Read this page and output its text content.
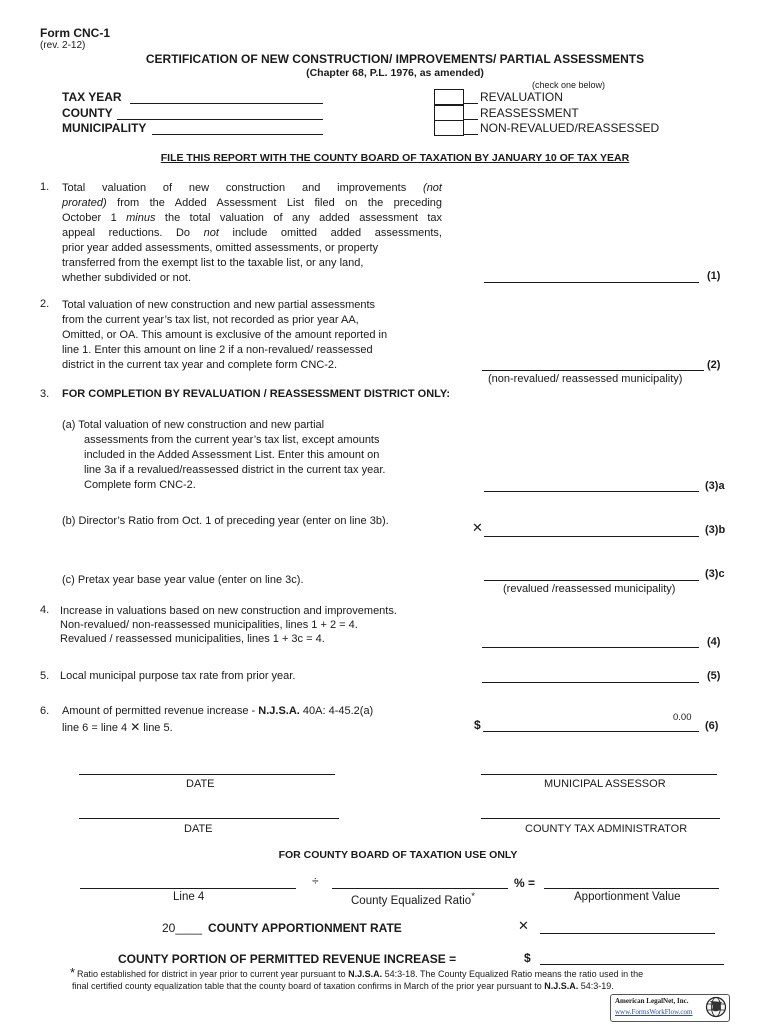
Form CNC-1
(rev. 2-12)
CERTIFICATION OF NEW CONSTRUCTION/ IMPROVEMENTS/ PARTIAL ASSESSMENTS
(Chapter 68, P.L. 1976, as amended)
(check one below)
TAX YEAR
COUNTY
MUNICIPALITY
REVALUATION
REASSESSMENT
NON-REVALUED/REASSESSED
FILE THIS REPORT WITH THE COUNTY BOARD OF TAXATION BY JANUARY 10 OF TAX YEAR
1. Total valuation of new construction and improvements (not
prorated) from the Added Assessment List filed on the preceding
October 1 minus the total valuation of any added assessment tax
appeal reductions. Do not include omitted added assessments,
prior year added assessments, omitted assessments, or property
transferred from the exempt list to the taxable list, or any land,
whether subdivided or not.	(1)
2. Total valuation of new construction and new partial assessments
from the current year’s tax list, not recorded as prior year AA,
Omitted, or OA. This amount is exclusive of the amount reported in
line 1. Enter this amount on line 2 if a non-revalued/ reassessed
district in the current tax year and complete form CNC-2.	(2)
(non-revalued/ reassessed municipality)
3. FOR COMPLETION BY REVALUATION / REASSESSMENT DISTRICT ONLY:
(a) Total valuation of new construction and new partial
assessments from the current year’s tax list, except amounts
included in the Added Assessment List. Enter this amount on
line 3a if a revalued/reassessed district in the current tax year.
Complete form CNC-2.	(3)a
(b) Director’s Ratio from Oct. 1 of preceding year (enter on line 3b).	✕	(3)b
(c) Pretax year base year value (enter on line 3c).	(3)c
(revalued /reassessed municipality)
4. Increase in valuations based on new construction and improvements.
Non-revalued/ non-reassessed municipalities, lines 1 + 2 = 4.
Revalued / reassessed municipalities, lines 1 + 3c = 4.	(4)
5. Local municipal purpose tax rate from prior year.	(5)
6. Amount of permitted revenue increase - N.J.S.A. 40A: 4-45.2(a)
line 6 = line 4 ✕ line 5.	$
0.00
(6)
DATE	MUNICIPAL ASSESSOR
DATE	COUNTY TAX ADMINISTRATOR
FOR COUNTY BOARD OF TAXATION USE ONLY
÷	% =
Line 4	County Equalized Ratio*	Apportionment Value
20____ COUNTY APPORTIONMENT RATE	✕
COUNTY PORTION OF PERMITTED REVENUE INCREASE =	$
* Ratio established for district in year prior to current year pursuant to N.J.S.A. 54:3-18. The County Equalized Ratio means the ratio used in the
final certified county equalization table that the county board of taxation confirms in March of the prior year pursuant to N.J.S.A. 54:3-19.
American LegalNet, Inc.
www.FormsWorkFlow.com
